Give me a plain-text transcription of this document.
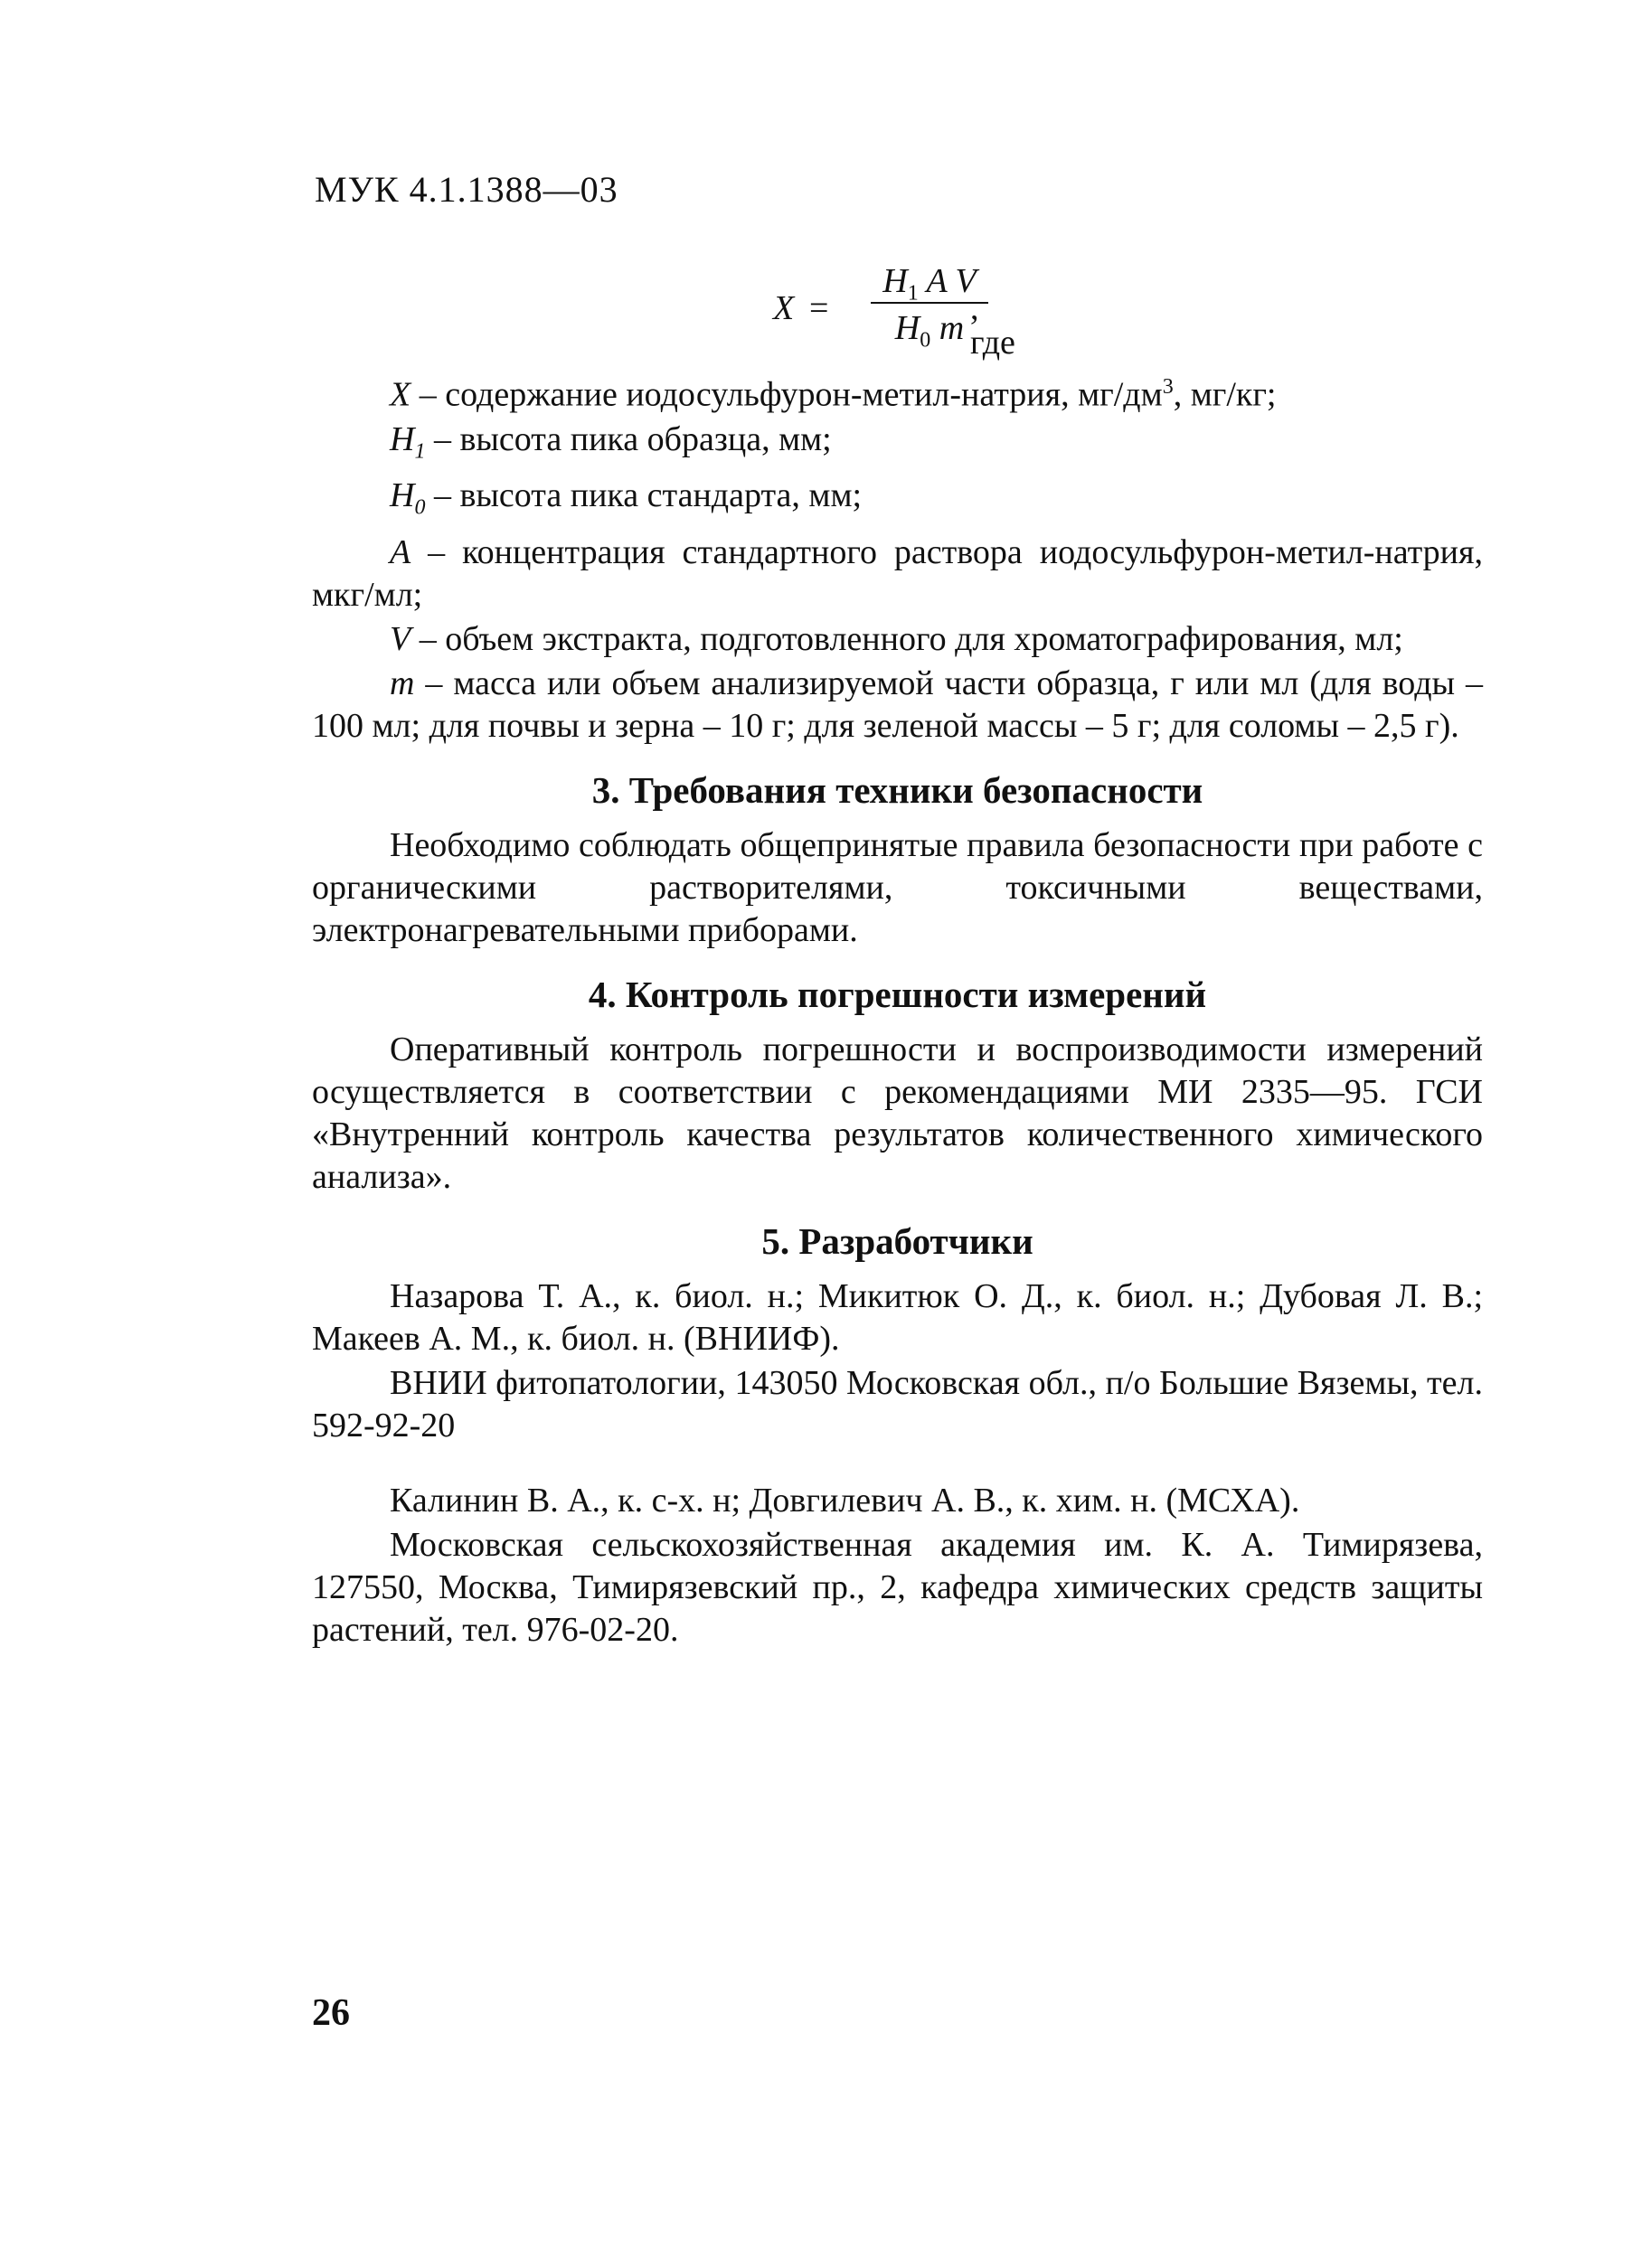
МУК 4.1.1388—03
X =
$H_1$ A V
$H_0$ m
, где

X – содержание иодосульфурон-метил-натрия, $мг/дм^3$, мг/кг;

$H_1$ – высота пика образца, мм;

$H_0$ – высота пика стандарта, мм;

A – концентрация стандартного раствора иодосульфурон-метил-натрия, мкг/мл;

V – объем экстракта, подготовленного для хроматографирования, мл;

m – масса или объем анализируемой части образца, г или мл (для воды – 100 мл; для почвы и зерна – 10 г; для зеленой массы – 5 г; для соломы – 2,5 г).

3. Требования техники безопасности

Необходимо соблюдать общепринятые правила безопасности при работе с органическими растворителями, токсичными веществами, электронагревательными приборами.

4. Контроль погрешности измерений

Оперативный контроль погрешности и воспроизводимости измерений осуществляется в соответствии с рекомендациями МИ 2335—95. ГСИ «Внутренний контроль качества результатов количественного химического анализа».

5. Разработчики

Назарова Т. А., к. биол. н.; Микитюк О. Д., к. биол. н.; Дубовая Л. В.; Макеев А. М., к. биол. н. (ВНИИФ).

ВНИИ фитопатологии, 143050 Московская обл., п/о Большие Вяземы, тел. 592-92-20

Калинин В. А., к. с-х. н; Довгилевич А. В., к. хим. н. (МСХА).

Московская сельскохозяйственная академия им. К. А. Тимирязева, 127550, Москва, Тимирязевский пр., 2, кафедра химических средств защиты растений, тел. 976-02-20.

26
